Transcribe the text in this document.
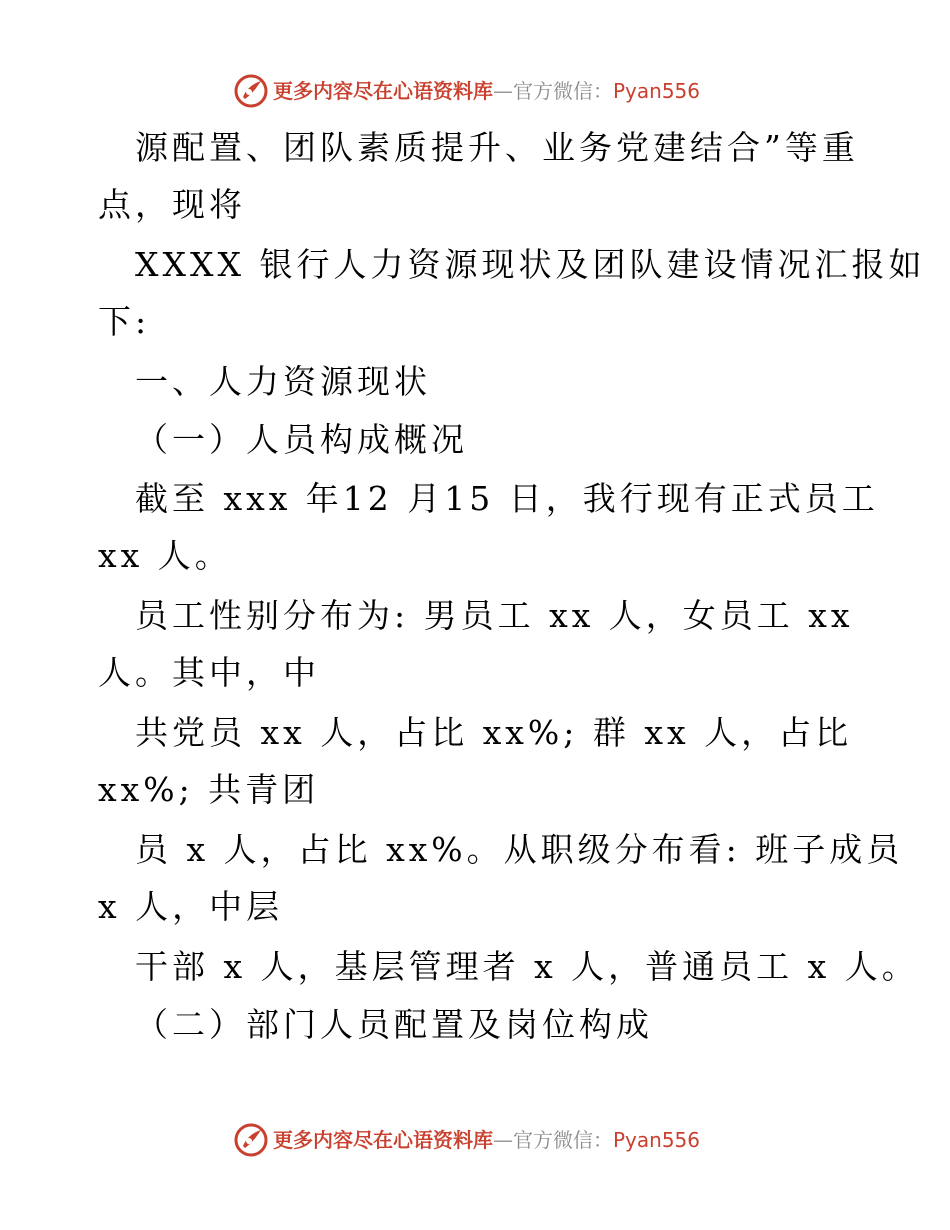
更多内容尽在心语资料库—官方微信：Pyan556
源配置、团队素质提升、业务党建结合”等重
点，现将
XXXX 银行人力资源现状及团队建设情况汇报如
下:
一、人力资源现状
（一）人员构成概况
截至 xxx 年12 月15 日，我行现有正式员工
xx 人。
员工性别分布为: 男员工 xx 人，女员工 xx
人。其中，中
共党员 xx 人，占比 xx%; 群 xx 人，占比
xx%; 共青团
员 x 人，占比 xx%。从职级分布看: 班子成员
x 人，中层
干部 x 人，基层管理者 x 人，普通员工 x 人。
（二）部门人员配置及岗位构成
更多内容尽在心语资料库—官方微信：Pyan556
